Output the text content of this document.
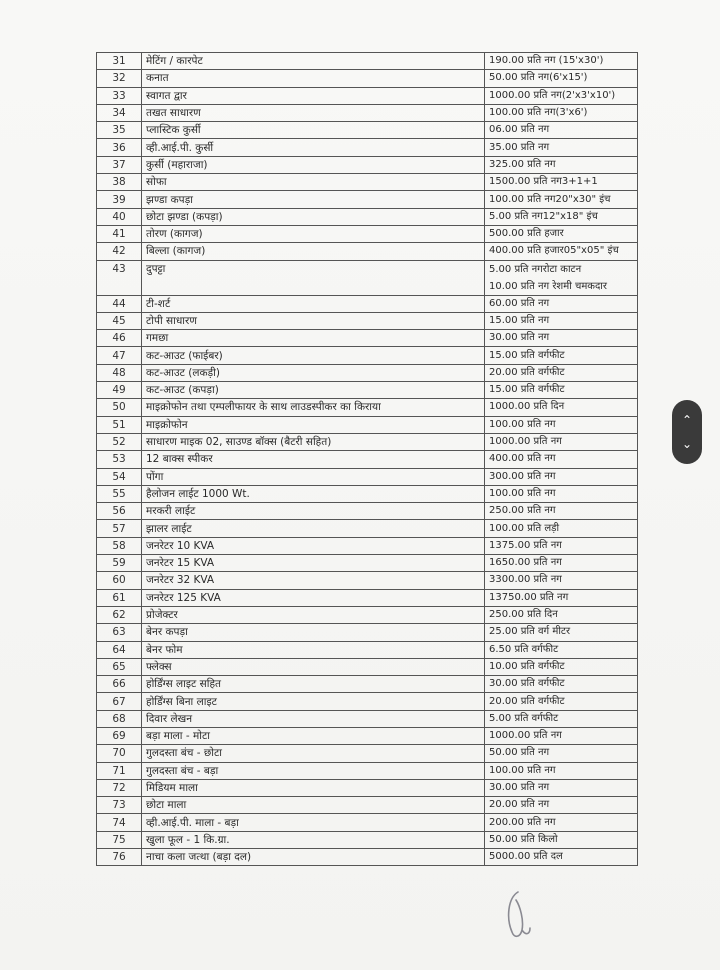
31	मेटिंग / कारपेट	190.00 प्रति नग (15'x30')
32	कनात	50.00 प्रति नग(6'x15')
33	स्वागत द्वार	1000.00 प्रति नग(2'x3'x10')
34	तखत साधारण	100.00 प्रति नग(3'x6')
35	प्लास्टिक कुर्सी	06.00 प्रति नग
36	व्ही.आई.पी. कुर्सी	35.00 प्रति नग
37	कुर्सी (महाराजा)	325.00 प्रति नग
38	सोफा	1500.00 प्रति नग3+1+1
39	झण्डा कपड़ा	100.00 प्रति नग20"x30" इंच
40	छोटा झण्डा (कपड़ा)	5.00 प्रति नग12"x18" इंच
41	तोरण (कागज)	500.00 प्रति हजार
42	बिल्ला (कागज)	400.00 प्रति हजार05"x05" इंच
43	दुपट्टा	5.00 प्रति नगरोटा काटन
10.00 प्रति नग रेशमी चमकदार

44	टी-शर्ट	60.00 प्रति नग
45	टोपी साधारण	15.00 प्रति नग
46	गमछा	30.00 प्रति नग
47	कट-आउट (फाईबर)	15.00 प्रति वर्गफीट
48	कट-आउट (लकड़ी)	20.00 प्रति वर्गफीट
49	कट-आउट (कपड़ा)	15.00 प्रति वर्गफीट
50	माइक्रोफोन तथा एम्पलीफायर के साथ लाउडस्पीकर का किराया	1000.00 प्रति दिन
51	माइक्रोफोन	100.00 प्रति नग
52	साधारण माइक 02, साउण्ड बॉक्स (बैटरी सहित)	1000.00 प्रति नग
53	12 बाक्स स्पीकर	400.00 प्रति नग
54	पोंगा	300.00 प्रति नग
55	हैलोजन लाईट 1000 Wt.	100.00 प्रति नग
56	मरकरी लाईट	250.00 प्रति नग
57	झालर लाईट	100.00 प्रति लड़ी
58	जनरेटर 10 KVA	1375.00 प्रति नग
59	जनरेटर 15 KVA	1650.00 प्रति नग
60	जनरेटर 32 KVA	3300.00 प्रति नग
61	जनरेटर 125 KVA	13750.00 प्रति नग
62	प्रोजेक्टर	250.00 प्रति दिन
63	बेनर कपड़ा	25.00 प्रति वर्ग मीटर
64	बेनर फोम	6.50 प्रति वर्गफीट
65	फ्लेक्स	10.00 प्रति वर्गफीट
66	होर्डिंग्स लाइट सहित	30.00 प्रति वर्गफीट
67	होर्डिंग्स बिना लाइट	20.00 प्रति वर्गफीट
68	दिवार लेखन	5.00 प्रति वर्गफीट
69	बड़ा माला - मोटा	1000.00 प्रति नग
70	गुलदस्ता बंच - छोटा	50.00 प्रति नग
71	गुलदस्ता बंच - बड़ा	100.00 प्रति नग
72	मिडियम माला	30.00 प्रति नग
73	छोटा माला	20.00 प्रति नग
74	व्ही.आई.पी. माला - बड़ा	200.00 प्रति नग
75	खुला फूल - 1 कि.ग्रा.	50.00 प्रति किलो
76	नाचा कला जत्था (बड़ा दल)	5000.00 प्रति दल
⌃
⌄
